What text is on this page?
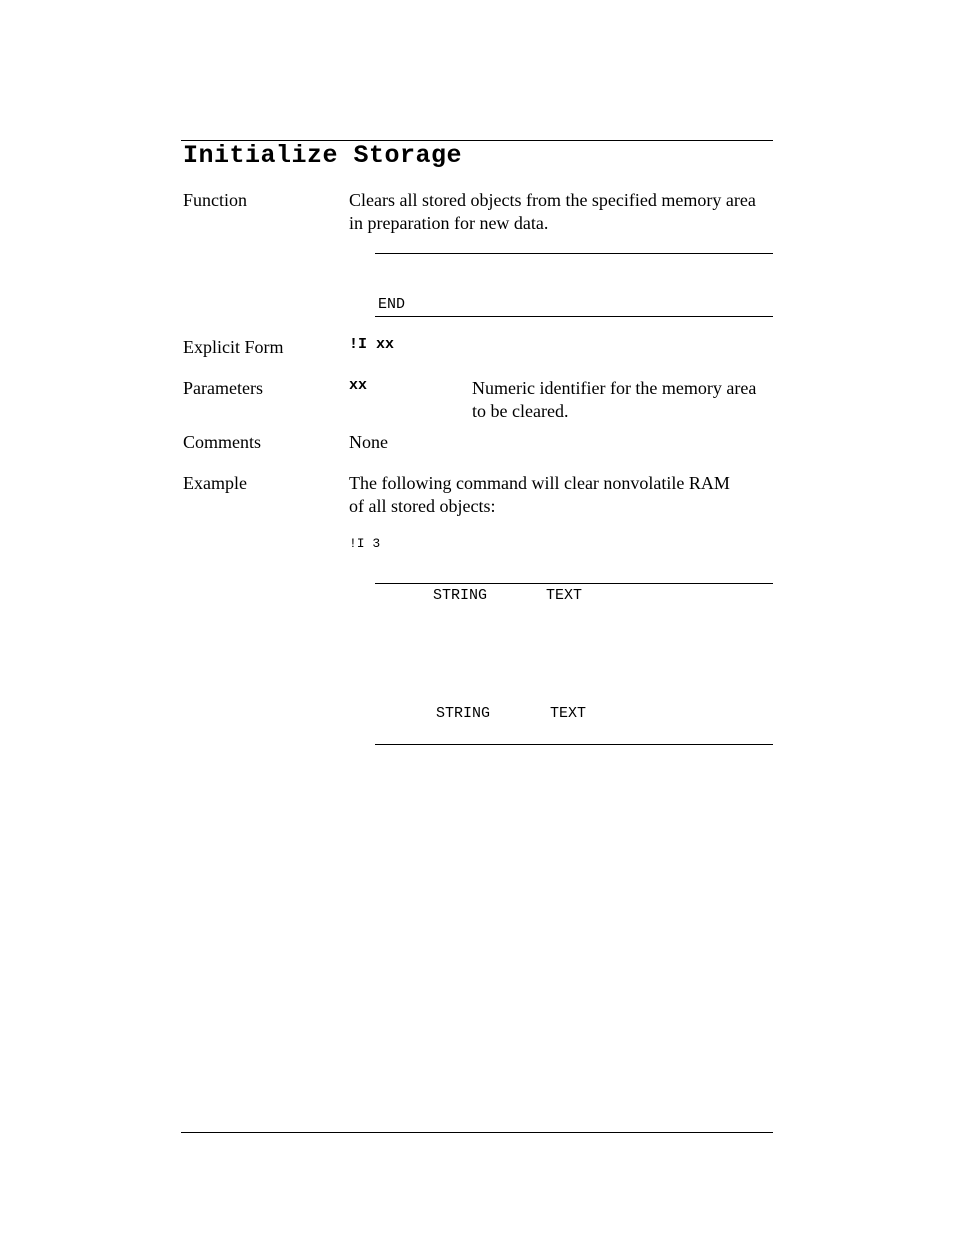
Initialize Storage
Function	Clears all stored objects from the specified memory area in preparation for new data.
END
Explicit Form	!I xx
Parameters	xx	Numeric identifier for the memory area to be cleared.
Comments	None
Example	The following command will clear nonvolatile RAM of all stored objects:
!I 3
STRING	TEXT
STRING	TEXT
